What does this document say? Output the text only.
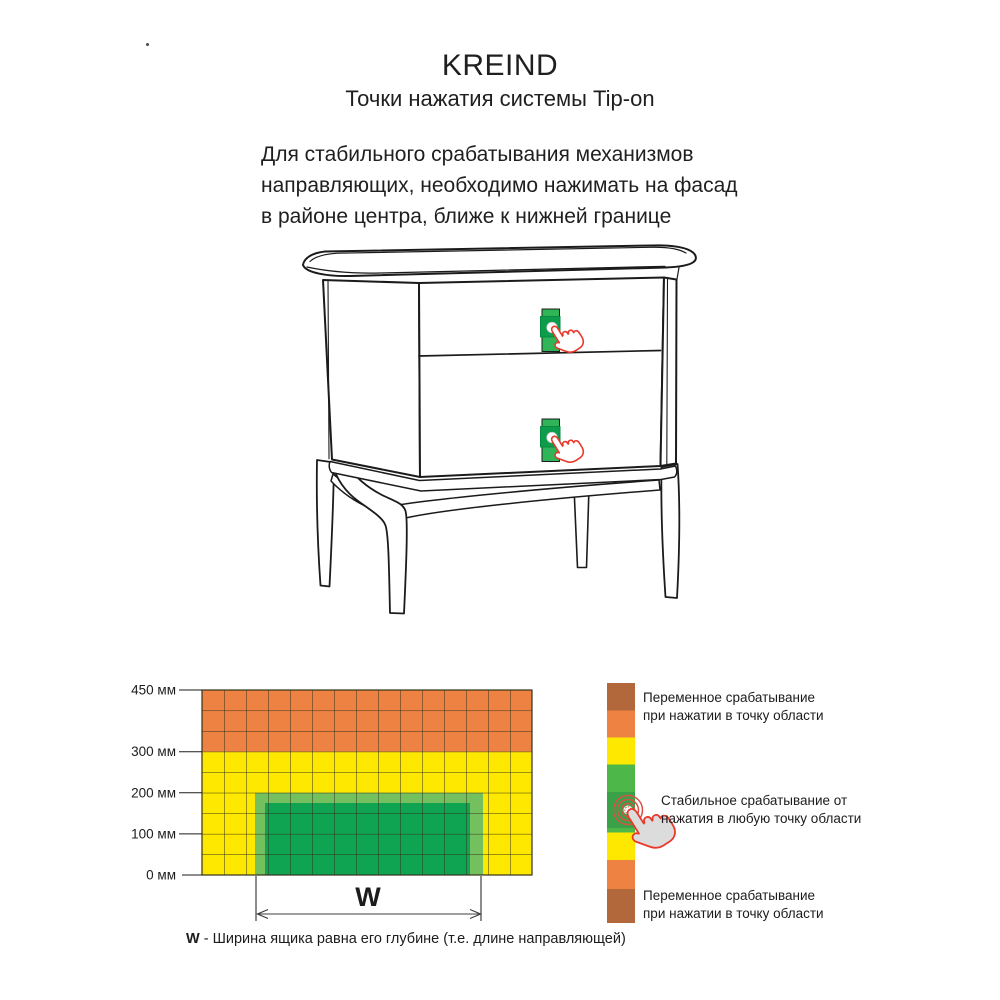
KREIND
Точки нажатия системы Tip-on
Для стабильного срабатывания механизмов
направляющих, необходимо нажимать на фасад
в районе центра, ближе к нижней границе
450 мм
300 мм
200 мм
100 мм
0 мм
W
Переменное срабатывание
при нажатии в точку области
Стабильное срабатывание от
нажатия в любую точку области
Переменное срабатывание
при нажатии в точку области
W - Ширина ящика равна его глубине (т.е. длине направляющей)
